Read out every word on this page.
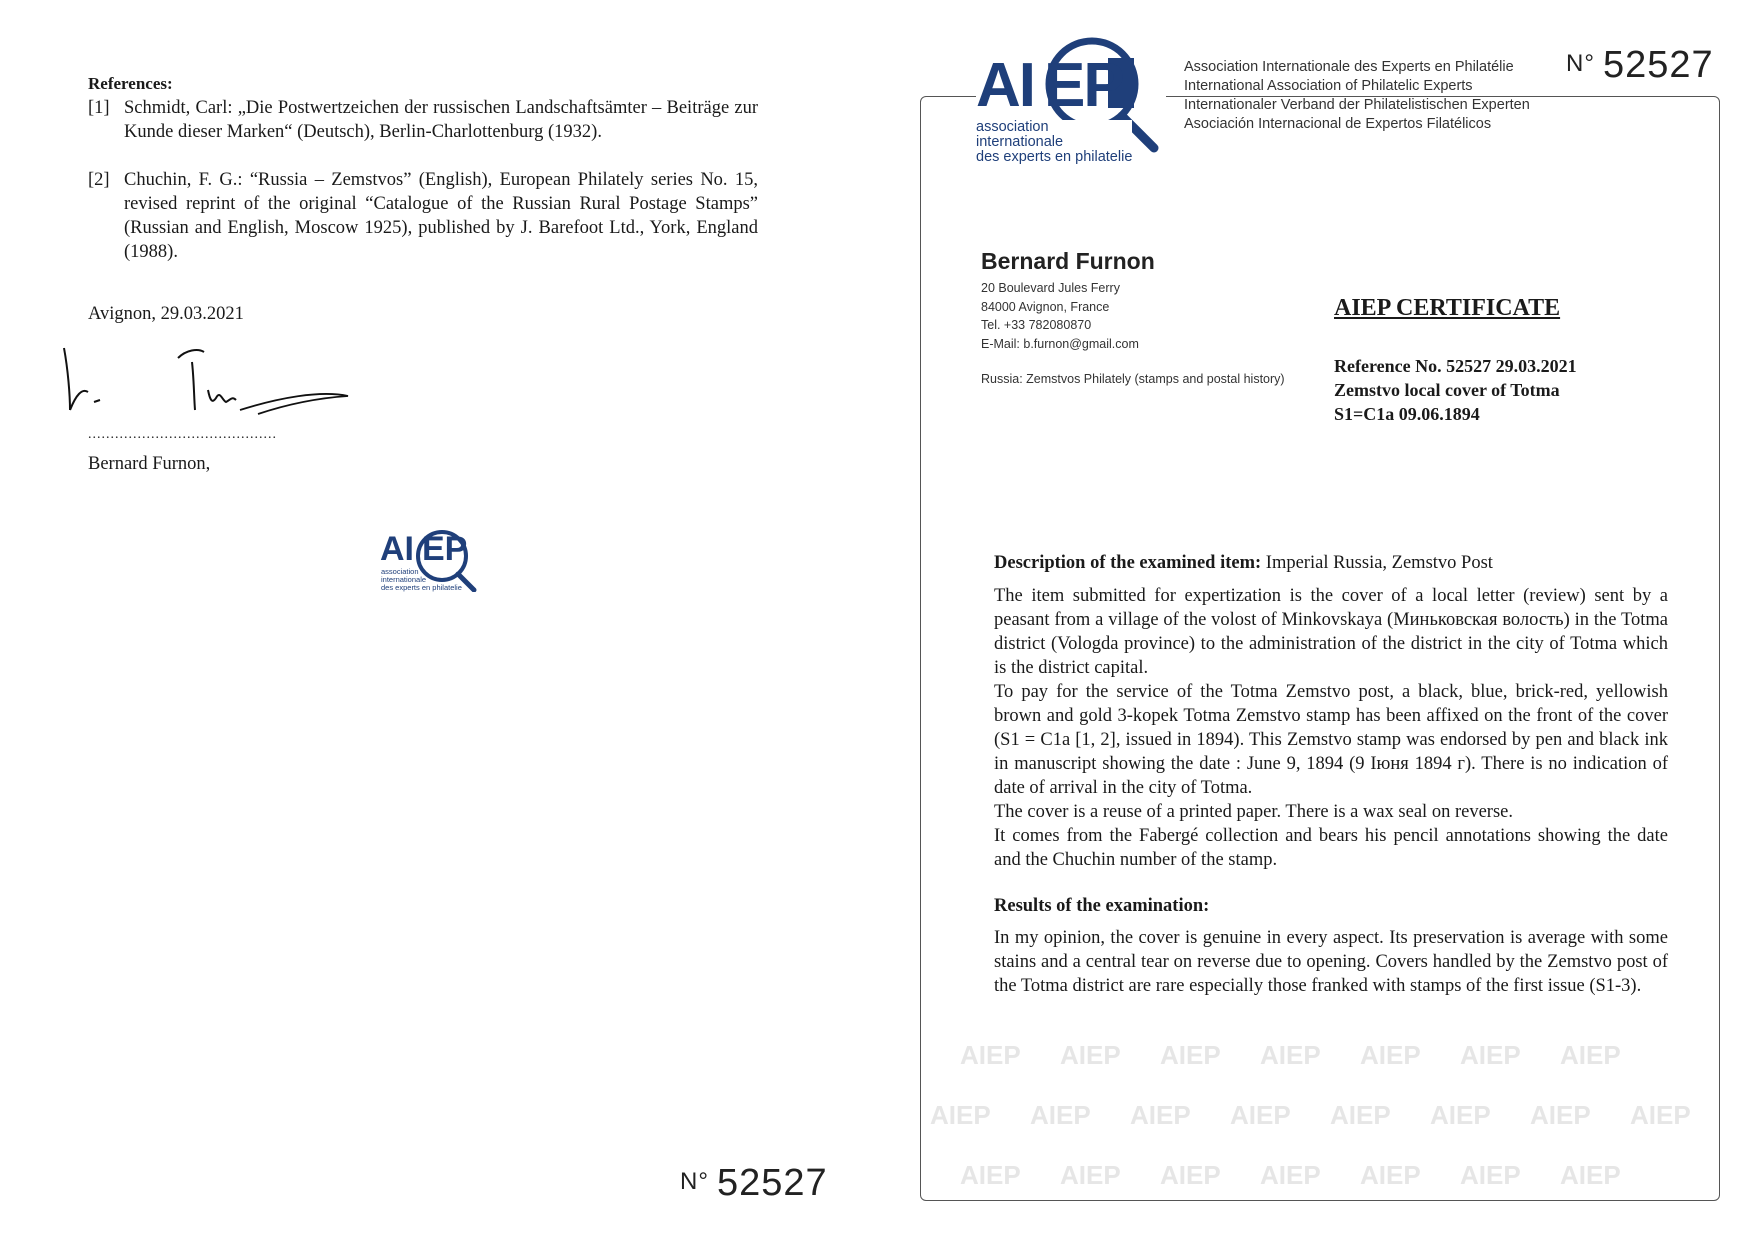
References:
[1] Schmidt, Carl: „Die Postwertzeichen der russischen Landschaftsämter – Beiträge zur Kunde dieser Marken“ (Deutsch), Berlin-Charlottenburg (1932).
[2] Chuchin, F. G.: “Russia – Zemstvos” (English), European Philately series No. 15, revised reprint of the original “Catalogue of the Russian Rural Postage Stamps” (Russian and English, Moscow 1925), published by J. Barefoot Ltd., York, England (1988).
Avignon, 29.03.2021
..........................................
Bernard Furnon,
AI EP
association
internationale
des experts en philatelie
N° 52527
AIEP AIEP AIEP AIEP AIEP AIEP AIEP
AIEP AIEP AIEP AIEP AIEP AIEP AIEP AIEP
AIEP AIEP AIEP AIEP AIEP AIEP AIEP
AI EP
association
internationale
des experts en philatelie
Association Internationale des Experts en Philatélie
International Association of Philatelic Experts
Internationaler Verband der Philatelistischen Experten
Asociación Internacional de Expertos Filatélicos
N° 52527
Bernard Furnon
20 Boulevard Jules Ferry
84000 Avignon, France
Tel. +33 782080870
E-Mail: b.furnon@gmail.com
Russia: Zemstvos Philately (stamps and postal history)
AIEP CERTIFICATE
Reference No. 52527 29.03.2021
Zemstvo local cover of Totma
S1=C1a 09.06.1894
Description of the examined item: Imperial Russia, Zemstvo Post
The item submitted for expertization is the cover of a local letter (review) sent by a peasant from a village of the volost of Minkovskaya (Миньковская волость) in the Totma district (Vologda province) to the administration of the district in the city of Totma which is the district capital.
To pay for the service of the Totma Zemstvo post, a black, blue, brick-red, yellowish brown and gold 3-kopek Totma Zemstvo stamp has been affixed on the front of the cover (S1 = C1a [1, 2], issued in 1894). This Zemstvo stamp was endorsed by pen and black ink in manuscript showing the date : June 9, 1894 (9 Іюня 1894 г). There is no indication of date of arrival in the city of Totma.
The cover is a reuse of a printed paper. There is a wax seal on reverse.
It comes from the Fabergé collection and bears his pencil annotations showing the date and the Chuchin number of the stamp.
Results of the examination:
In my opinion, the cover is genuine in every aspect. Its preservation is average with some stains and a central tear on reverse due to opening. Covers handled by the Zemstvo post of the Totma district are rare especially those franked with stamps of the first issue (S1-3).
